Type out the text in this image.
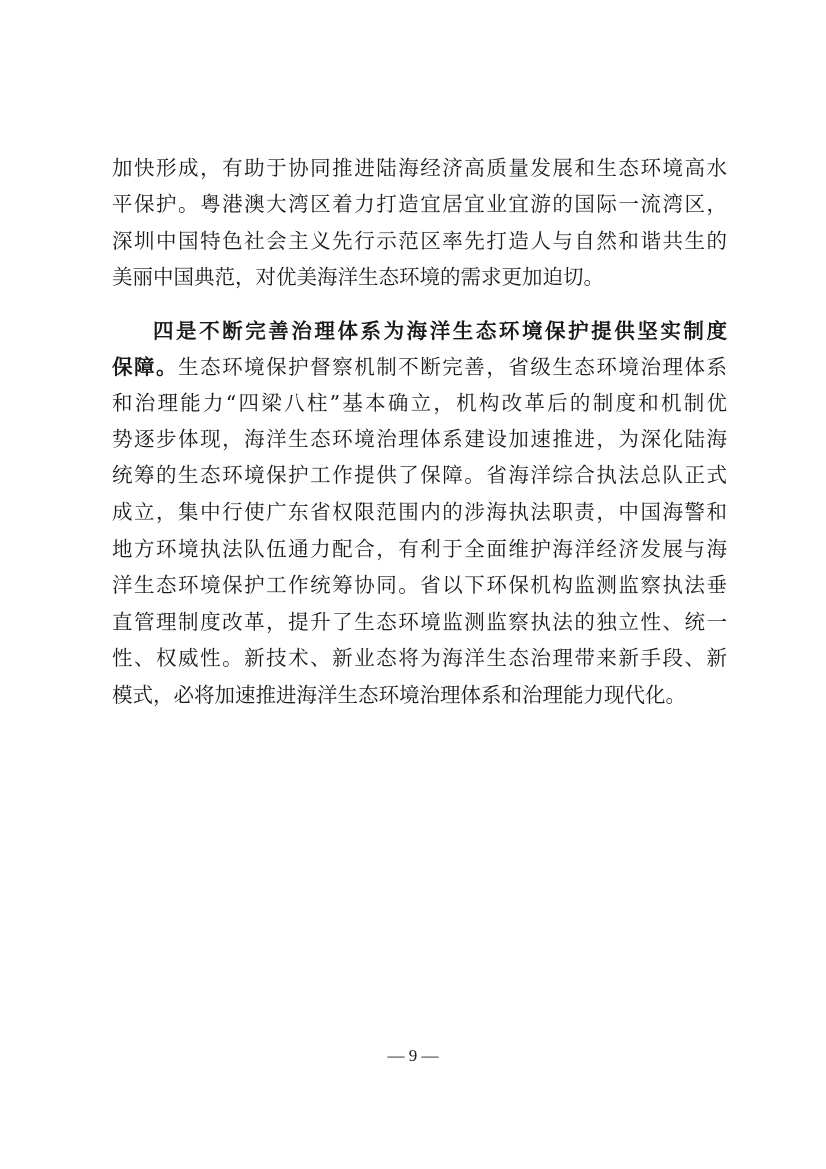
加快形成，有助于协同推进陆海经济高质量发展和生态环境高水
平保护。粤港澳大湾区着力打造宜居宜业宜游的国际一流湾区，
深圳中国特色社会主义先行示范区率先打造人与自然和谐共生的
美丽中国典范，对优美海洋生态环境的需求更加迫切。
四是不断完善治理体系为海洋生态环境保护提供坚实制度
保障。生态环境保护督察机制不断完善，省级生态环境治理体系
和治理能力“四梁八柱”基本确立，机构改革后的制度和机制优
势逐步体现，海洋生态环境治理体系建设加速推进，为深化陆海
统筹的生态环境保护工作提供了保障。省海洋综合执法总队正式
成立，集中行使广东省权限范围内的涉海执法职责，中国海警和
地方环境执法队伍通力配合，有利于全面维护海洋经济发展与海
洋生态环境保护工作统筹协同。省以下环保机构监测监察执法垂
直管理制度改革，提升了生态环境监测监察执法的独立性、统一
性、权威性。新技术、新业态将为海洋生态治理带来新手段、新
模式，必将加速推进海洋生态环境治理体系和治理能力现代化。
— 9 —
